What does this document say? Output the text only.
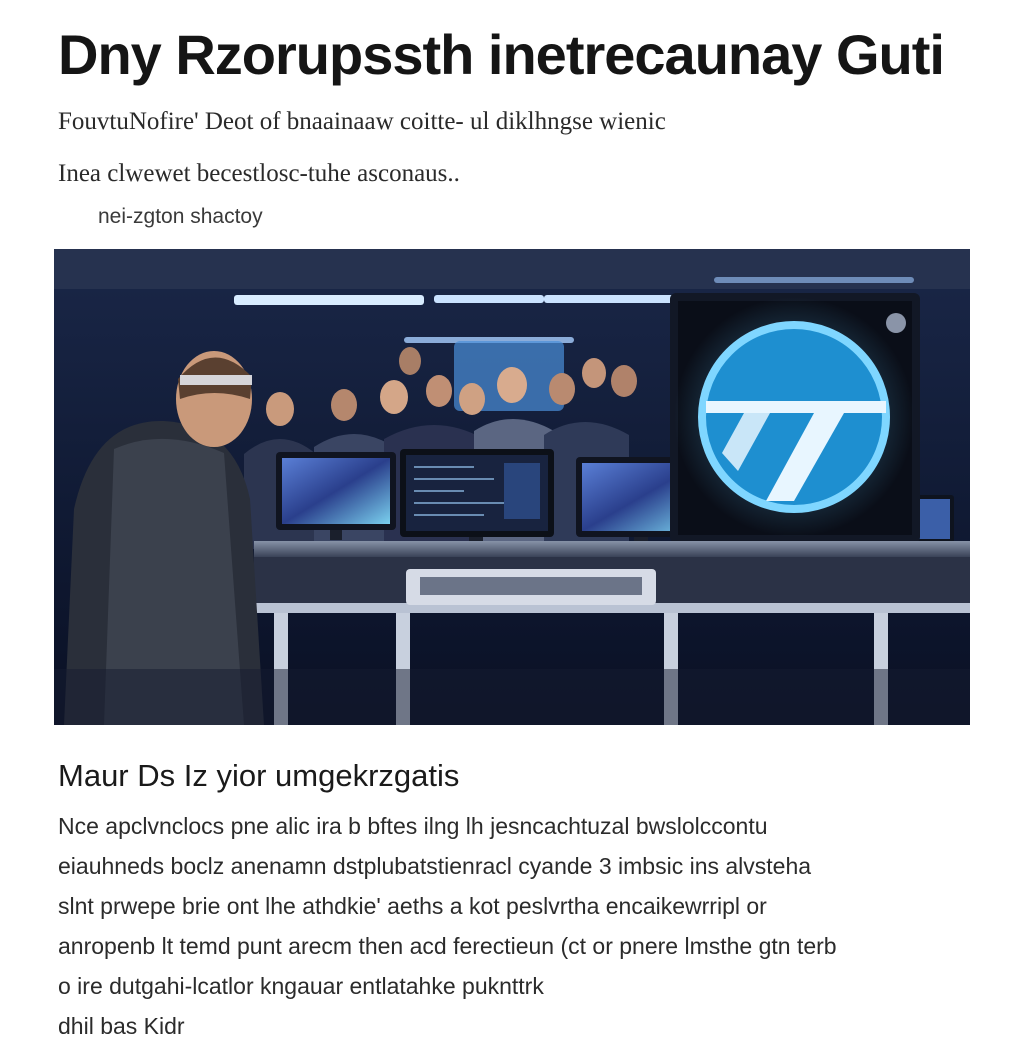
Dny Rzorupssth inetrecaunay Guti

FouvtuNofire' Deot of bnaainaaw coitte- ul diklhngse wienic

Inea clwewet becestlosc-tuhe asconaus..

nei-zgton shactoy

Maur Ds Iz yior umgekrzgatis
Nce apclvnclocs pne alic ira b bftes ilng lh jesncachtuzal bwslolccontu
eiauhneds boclz anenamn dstplubatstienracl cyande 3 imbsic ins alvsteha
slnt prwepe brie ont lhe athdkie' aeths a kot peslvrtha encaikewrripl or
anropenb lt temd punt arecm then acd ferectieun (ct or pnere lmsthe gtn terb
o ire dutgahi-lcatlor kngauar entlatahke puknttrk
dhil bas Kidr
